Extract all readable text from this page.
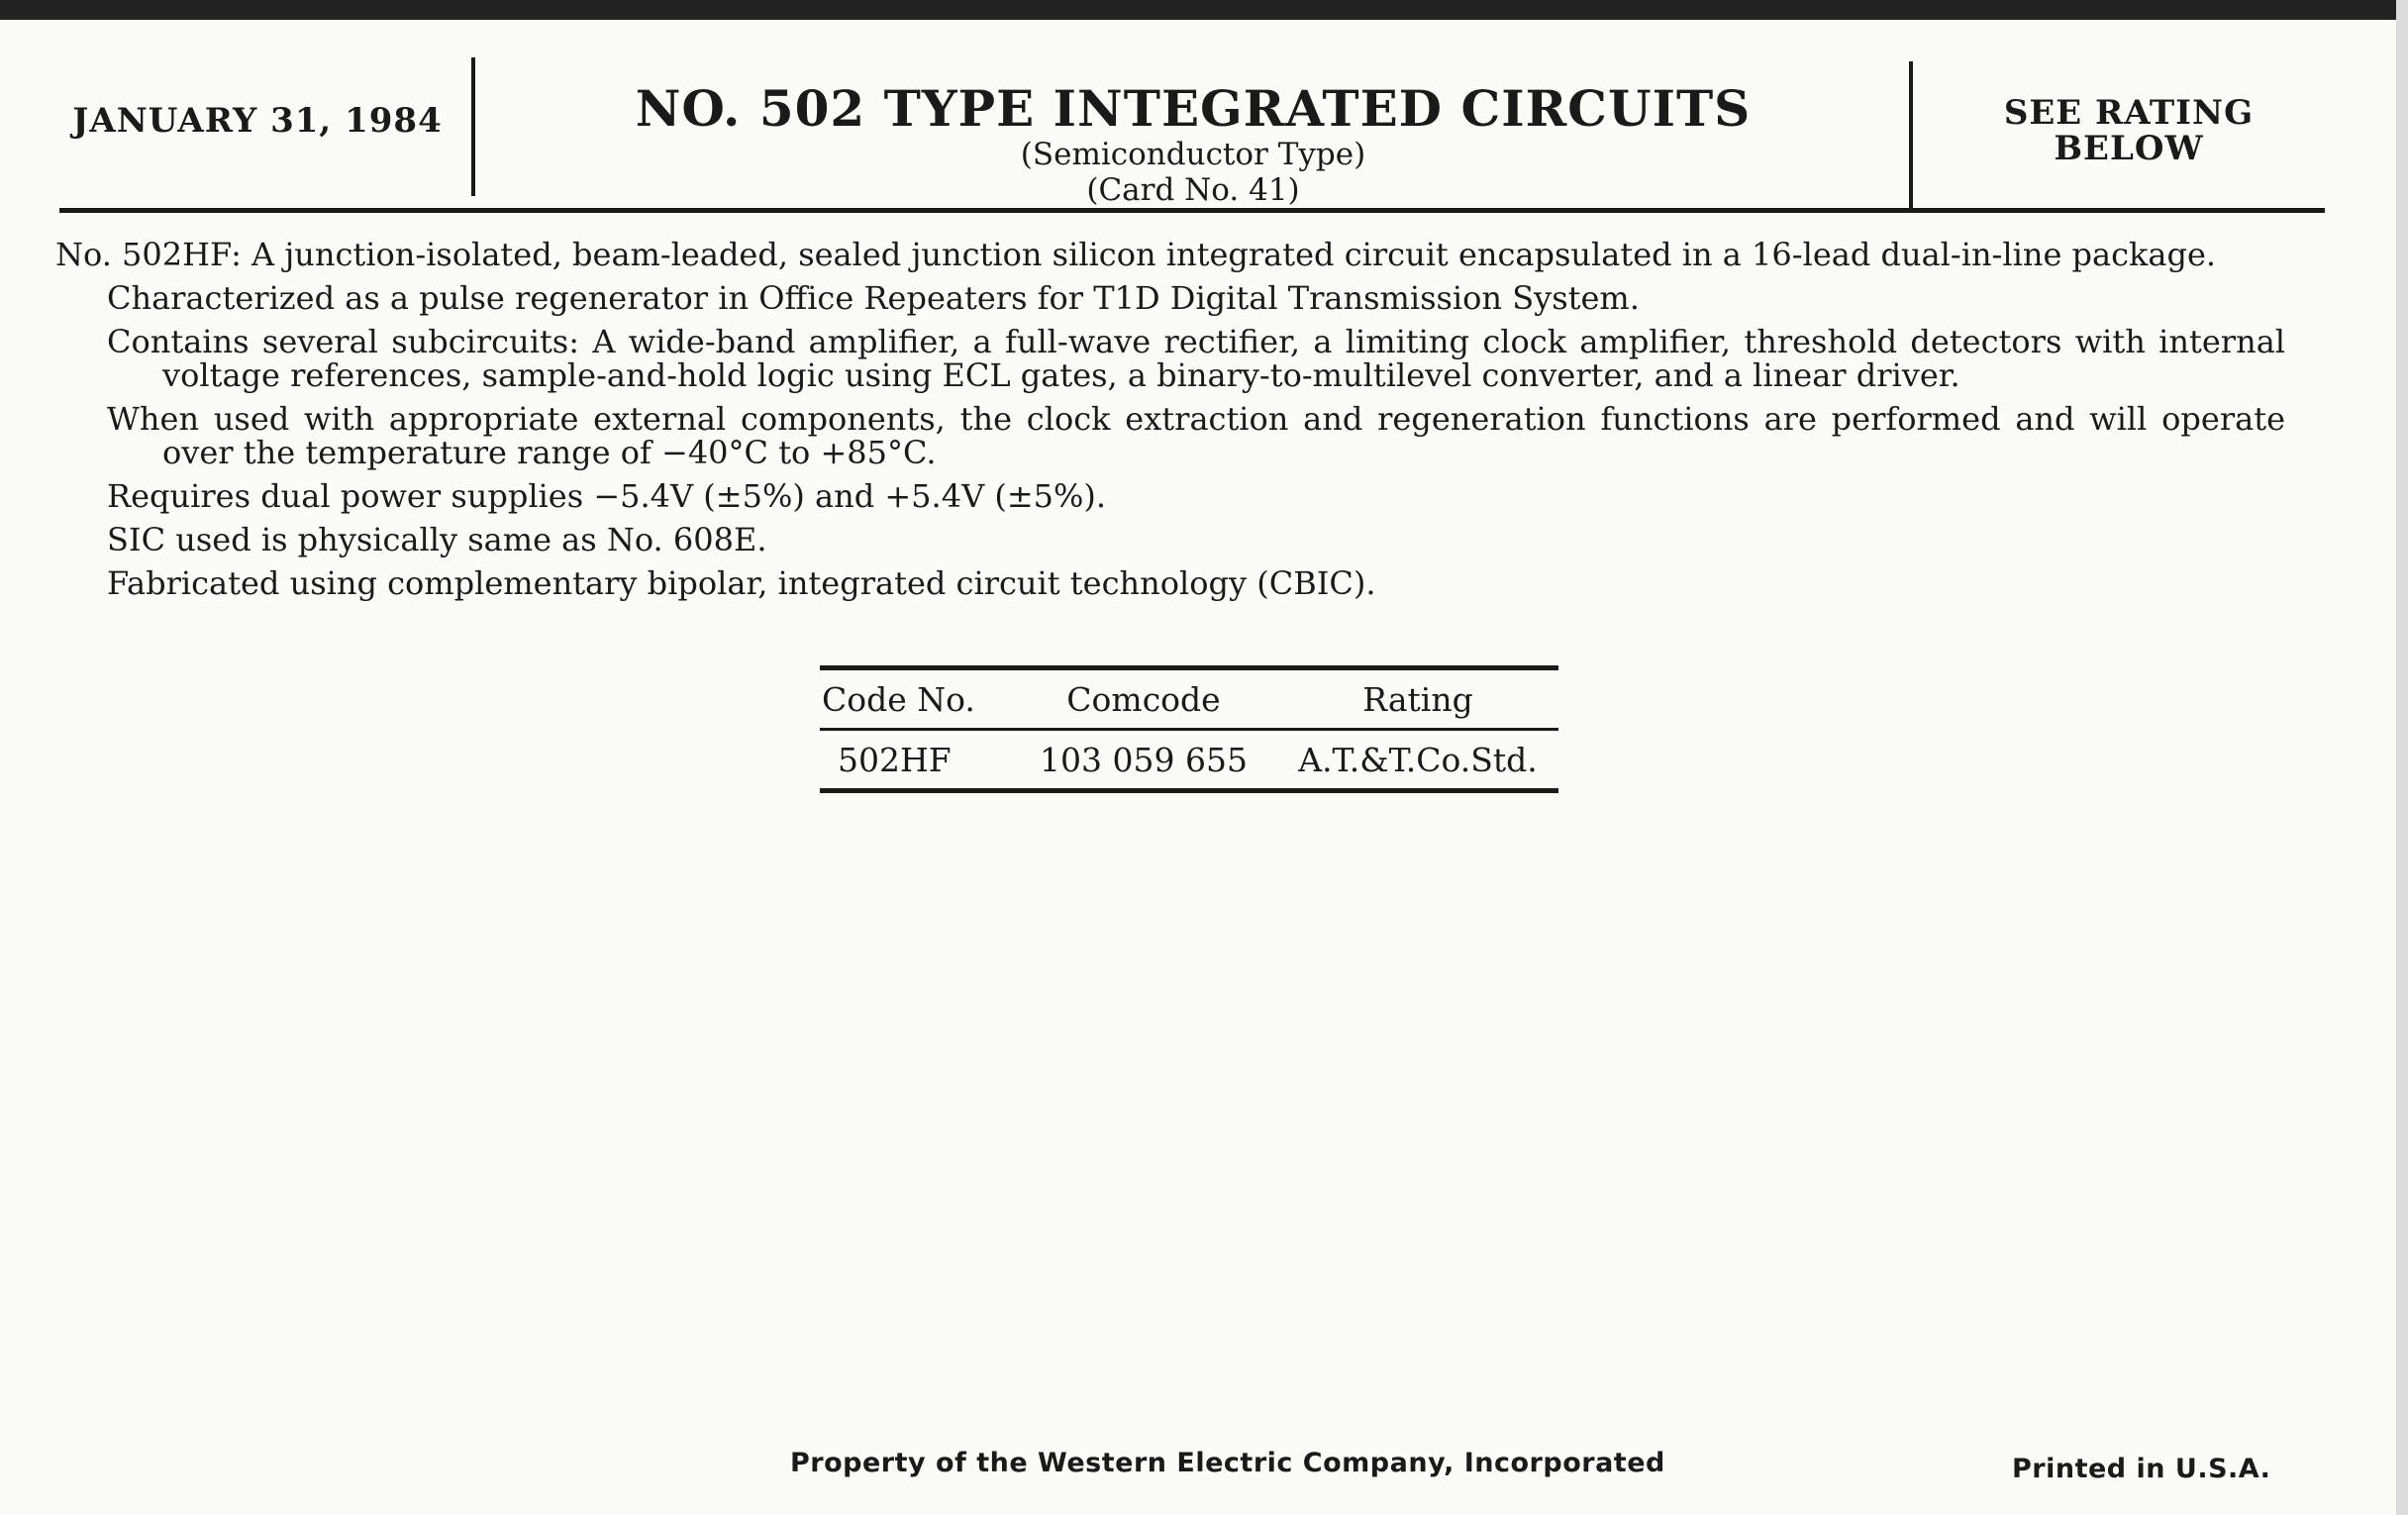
JANUARY 31, 1984	NO. 502 TYPE INTEGRATED CIRCUITS
(Semiconductor Type)
(Card No. 41)
SEE RATING
BELOW

No. 502HF: A junction-isolated, beam-leaded, sealed junction silicon integrated circuit encapsulated in a 16-lead dual-in-line package.

Characterized as a pulse regenerator in Office Repeaters for T1D Digital Transmission System.

Contains several subcircuits: A wide-band amplifier, a full-wave rectifier, a limiting clock amplifier, threshold detectors with internal voltage references, sample-and-hold logic using ECL gates, a binary-to-multilevel converter, and a linear driver.

When used with appropriate external components, the clock extraction and regeneration functions are performed and will operate over the temperature range of −40°C to +85°C.

Requires dual power supplies −5.4V (±5%) and +5.4V (±5%).

SIC used is physically same as No. 608E.

Fabricated using complementary bipolar, integrated circuit technology (CBIC).

Code No.	Comcode	Rating
502HF	103 059 655	A.T.&T.Co.Std.
Property of the Western Electric Company, Incorporated	Printed in U.S.A.
